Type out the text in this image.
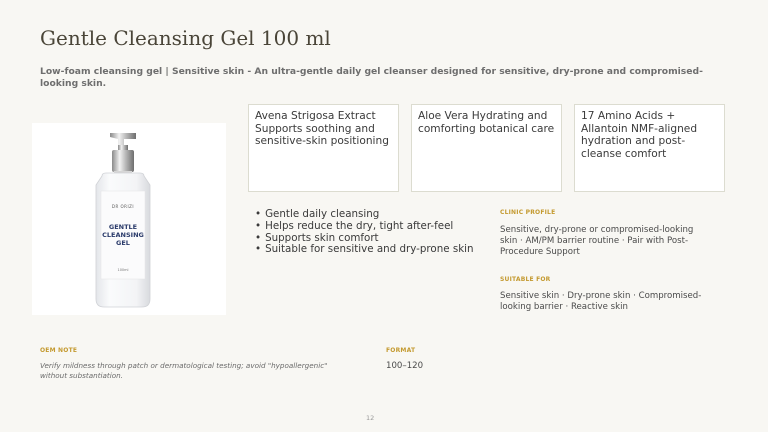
Gentle Cleansing Gel 100 ml

Low-foam cleansing gel | Sensitive skin - An ultra-gentle daily gel cleanser designed for sensitive, dry-prone and compromised-looking skin.

DR ORIZI
GENTLE
CLEANSING
GEL
100ml
Avena Strigosa Extract Supports soothing and sensitive-skin positioning
Aloe Vera Hydrating and comforting botanical care
17 Amino Acids + Allantoin NMF-aligned hydration and post-cleanse comfort
• Gentle daily cleansing
• Helps reduce the dry, tight after-feel
• Supports skin comfort
• Suitable for sensitive and dry-prone skin
CLINIC PROFILE
Sensitive, dry-prone or compromised-looking skin · AM/PM barrier routine · Pair with Post-Procedure Support
SUITABLE FOR
Sensitive skin · Dry-prone skin · Compromised-looking barrier · Reactive skin
OEM NOTE
Verify mildness through patch or dermatological testing; avoid "hypoallergenic" without substantiation.
FORMAT
100–120
12
